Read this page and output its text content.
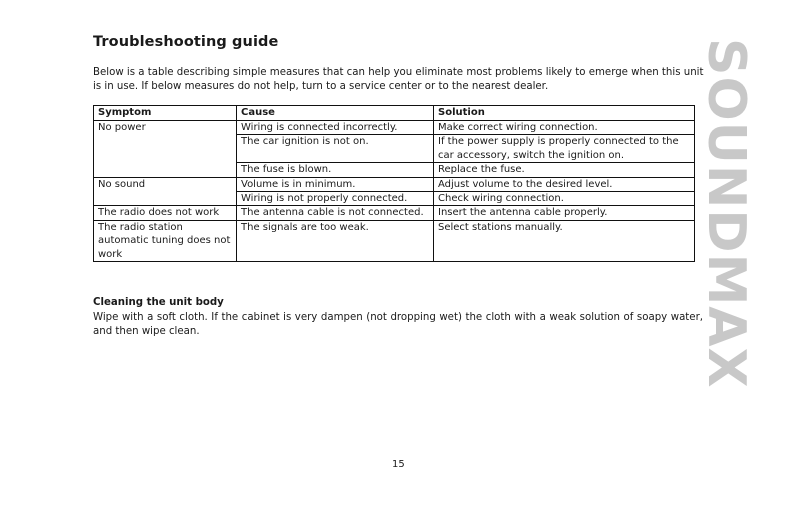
Troubleshooting guide
Below is a table describing simple measures that can help you eliminate most problems likely to emerge when this unit is in use. If below measures do not help, turn to a service center or to the nearest dealer.
Symptom	Cause	Solution
No power	Wiring is connected incorrectly.	Make correct wiring connection.
	The car ignition is not on.	If the power supply is properly connected to the car accessory, switch the ignition on.
	The fuse is blown.	Replace the fuse.
No sound	Volume is in minimum.	Adjust volume to the desired level.
	Wiring is not properly connected.	Check wiring connection.
The radio does not work	The antenna cable is not connected.	Insert the antenna cable properly.
The radio station automatic tuning does not work	The signals are too weak.	Select stations manually.
Cleaning the unit body
Wipe with a soft cloth. If the cabinet is very dampen (not dropping wet) the cloth with a weak solution of soapy water, and then wipe clean.
15
SOUNDMAX
